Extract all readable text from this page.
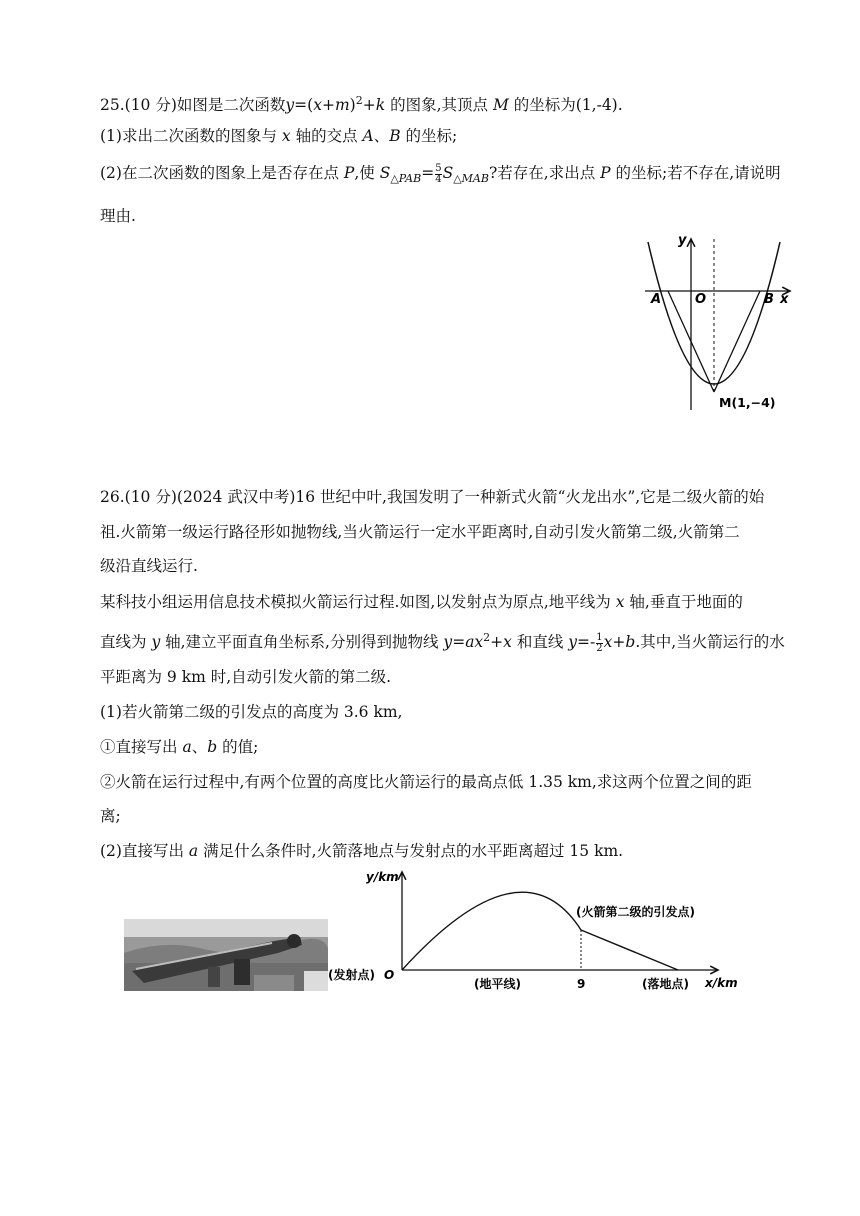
25.(10 分)如图是二次函数$y=(x+m)^2+k$ 的图象,其顶点 M 的坐标为(1,-4).
(1)求出二次函数的图象与 x 轴的交点 A、B 的坐标;
(2)在二次函数的图象上是否存在点 P,使 $S_{\triangle PAB}= \frac{5}{4} S_{\triangle MAB}$?若存在,求出点 P 的坐标;若不存在,请说明
理由.
y
x
A	O	B
M(1,−4)
26.(10 分)(2024 武汉中考)16 世纪中叶,我国发明了一种新式火箭“火龙出水”,它是二级火箭的始
祖.火箭第一级运行路径形如抛物线,当火箭运行一定水平距离时,自动引发火箭第二级,火箭第二
级沿直线运行.
某科技小组运用信息技术模拟火箭运行过程.如图,以发射点为原点,地平线为 x 轴,垂直于地面的
直线为 y 轴,建立平面直角坐标系,分别得到抛物线 $y=ax^2+x$ 和直线 $y=- \frac{1}{2} x+b$.其中,当火箭运行的水
平距离为 9 km 时,自动引发火箭的第二级.
(1)若火箭第二级的引发点的高度为 3.6 km,
①直接写出 a、b 的值;
②火箭在运行过程中,有两个位置的高度比火箭运行的最高点低 1.35 km,求这两个位置之间的距
离;
(2)直接写出 a 满足什么条件时,火箭落地点与发射点的水平距离超过 15 km.
y/km
x/km
(发射点) O
(地平线)	9	(落地点)
(火箭第二级的引发点)
